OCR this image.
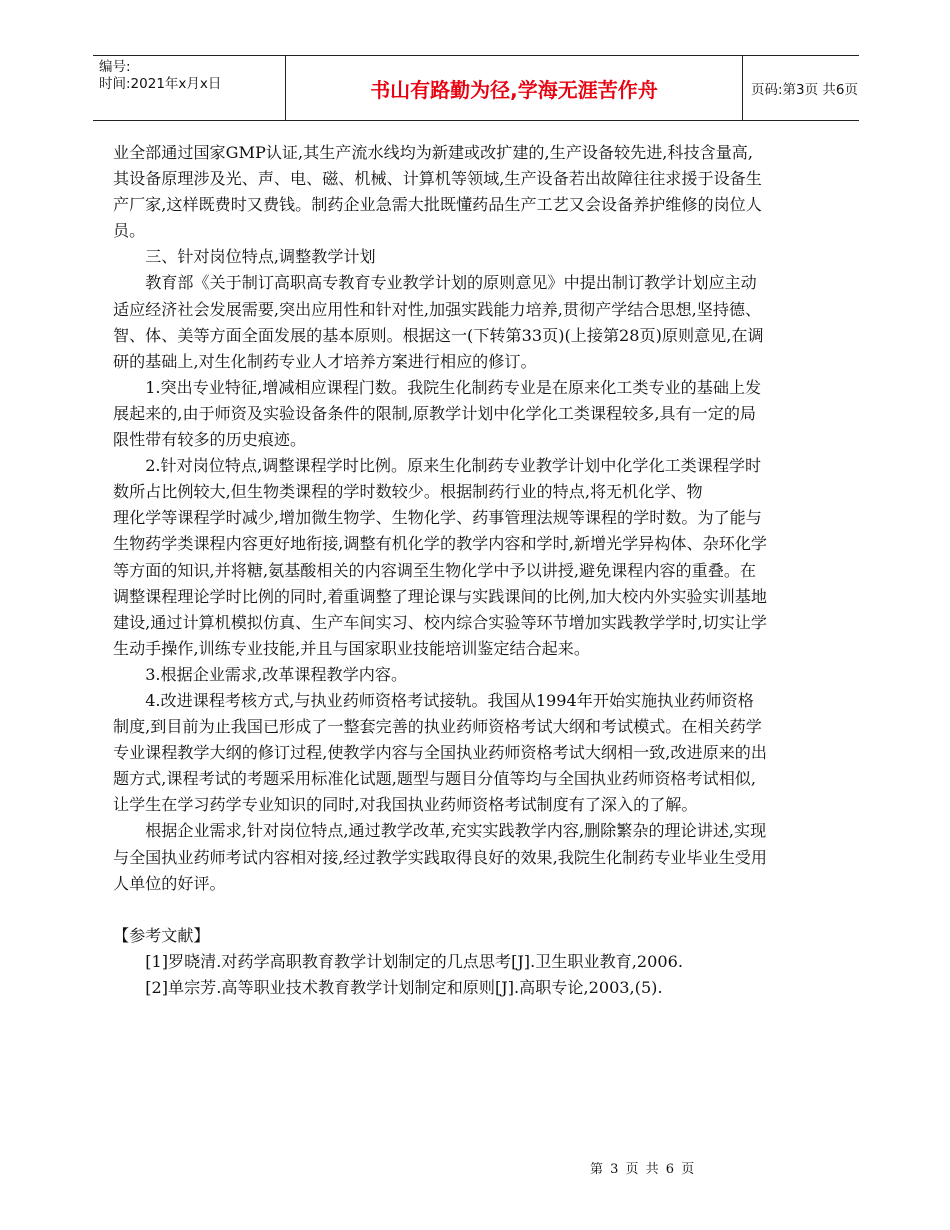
编号:
时间:2021年x月x日	书山有路勤为径,学海无涯苦作舟	页码:第3页 共6页

业全部通过国家GMP认证,其生产流水线均为新建或改扩建的,生产设备较先进,科技含量高,其设备原理涉及光、声、电、磁、机械、计算机等领域,生产设备若出故障往往求援于设备生产厂家,这样既费时又费钱。制药企业急需大批既懂药品生产工艺又会设备养护维修的岗位人员。

三、针对岗位特点,调整教学计划

教育部《关于制订高职高专教育专业教学计划的原则意见》中提出制订教学计划应主动适应经济社会发展需要,突出应用性和针对性,加强实践能力培养,贯彻产学结合思想,坚持德、智、体、美等方面全面发展的基本原则。根据这一(下转第33页)(上接第28页)原则意见,在调研的基础上,对生化制药专业人才培养方案进行相应的修订。

1.突出专业特征,增减相应课程门数。我院生化制药专业是在原来化工类专业的基础上发展起来的,由于师资及实验设备条件的限制,原教学计划中化学化工类课程较多,具有一定的局限性带有较多的历史痕迹。

2.针对岗位特点,调整课程学时比例。原来生化制药专业教学计划中化学化工类课程学时数所占比例较大,但生物类课程的学时数较少。根据制药行业的特点,将无机化学、物

理化学等课程学时减少,增加微生物学、生物化学、药事管理法规等课程的学时数。为了能与生物药学类课程内容更好地衔接,调整有机化学的教学内容和学时,新增光学异构体、杂环化学等方面的知识,并将糖,氨基酸相关的内容调至生物化学中予以讲授,避免课程内容的重叠。在调整课程理论学时比例的同时,着重调整了理论课与实践课间的比例,加大校内外实验实训基地建设,通过计算机模拟仿真、生产车间实习、校内综合实验等环节增加实践教学学时,切实让学生动手操作,训练专业技能,并且与国家职业技能培训鉴定结合起来。

3.根据企业需求,改革课程教学内容。

4.改进课程考核方式,与执业药师资格考试接轨。我国从1994年开始实施执业药师资格制度,到目前为止我国已形成了一整套完善的执业药师资格考试大纲和考试模式。在相关药学专业课程教学大纲的修订过程,使教学内容与全国执业药师资格考试大纲相一致,改进原来的出题方式,课程考试的考题采用标准化试题,题型与题目分值等均与全国执业药师资格考试相似,让学生在学习药学专业知识的同时,对我国执业药师资格考试制度有了深入的了解。

根据企业需求,针对岗位特点,通过教学改革,充实实践教学内容,删除繁杂的理论讲述,实现与全国执业药师考试内容相对接,经过教学实践取得良好的效果,我院生化制药专业毕业生受用人单位的好评。

【参考文献】

[1]罗晓清.对药学高职教育教学计划制定的几点思考[J].卫生职业教育,2006.

[2]单宗芳.高等职业技术教育教学计划制定和原则[J].高职专论,2003,(5).

第 3 页 共 6 页
